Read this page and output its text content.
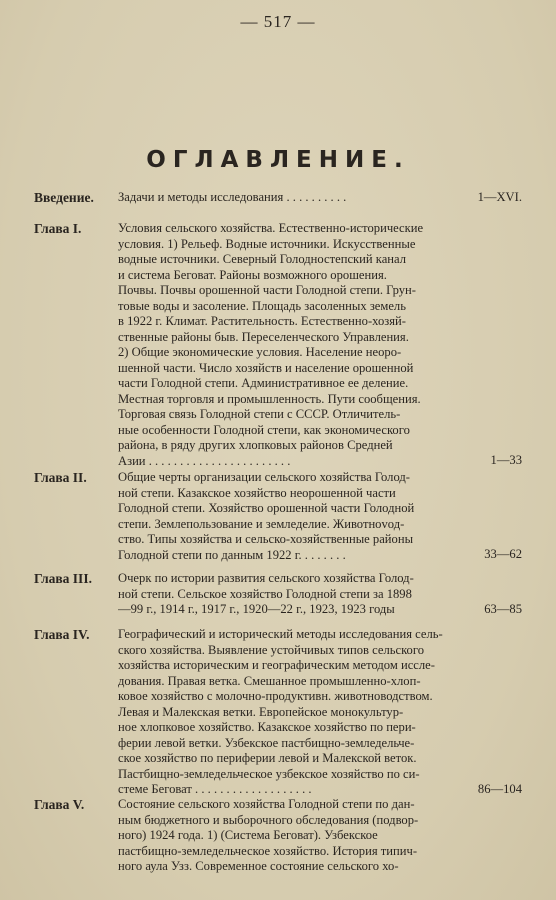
— 517 —
ОГЛАВЛЕНИЕ.
Введение.	Задачи и методы исследования . . . . . . . . . .	1—XVI.
Глава I.	Условия сельского хозяйства. Естественно-исторические
условия. 1) Рельеф. Водные источники. Искусственные
водные источники. Северный Голодностепский канал
и система Беговат. Районы возможного орошения.
Почвы. Почвы орошенной части Голодной степи. Грун-
товые воды и засоление. Площадь засоленных земель
в 1922 г. Климат. Растительность. Естественно-хозяй-
ственные районы быв. Переселенческого Управления.
2) Общие экономические условия. Население неоро-
шенной части. Число хозяйств и население орошенной
части Голодной степи. Административное ее деление.
Местная торговля и промышленность. Пути сообщения.
Торговая связь Голодной степи с СССР. Отличитель-
ные особенности Голодной степи, как экономического
района, в ряду других хлопковых районов Средней
Азии . . . . . . . . . . . . . . . . . . . . . . .	1—33
Глава II.	Общие черты организации сельского хозяйства Голод-
ной степи. Казакское хозяйство неорошенной части
Голодной степи. Хозяйство орошенной части Голодной
степи. Землепользование и земледелие. Животноvод-
ство. Типы хозяйства и сельско-хозяйственные районы
Голодной степи по данным 1922 г. . . . . . . .	33—62
Глава III.	Очерк по истории развития сельского хозяйства Голод-
ной степи. Сельское хозяйство Голодной степи за 1898
—99 г., 1914 г., 1917 г., 1920—22 г., 1923, 1923 годы	63—85
Глава IV.	Географический и исторический методы исследования сель-
ского хозяйства. Выявление устойчивых типов сельского
хозяйства историческим и географическим методом иссле-
дования. Правая ветка. Смешанное промышленно-хлоп-
ковое хозяйство с молочно-продуктивн. животноводством.
Левая и Малекская ветки. Европейское монокультур-
ное хлопковое хозяйство. Казакское хозяйство по пери-
ферии левой ветки. Узбекское пастбищно-земледельче-
ское хозяйство по периферии левой и Малекской веток.
Пастбищно-земледельческое узбекское хозяйство по си-
стеме Беговат . . . . . . . . . . . . . . . . . . .	86—104
Глава V.	Состояние сельского хозяйства Голодной степи по дан-
ным бюджетного и выборочного обследования (подвор-
ного) 1924 года. 1) (Система Беговат). Узбекское
пастбищно-земледельческое хозяйство. История типич-
ного аула Узз. Современное состояние сельского хо-
